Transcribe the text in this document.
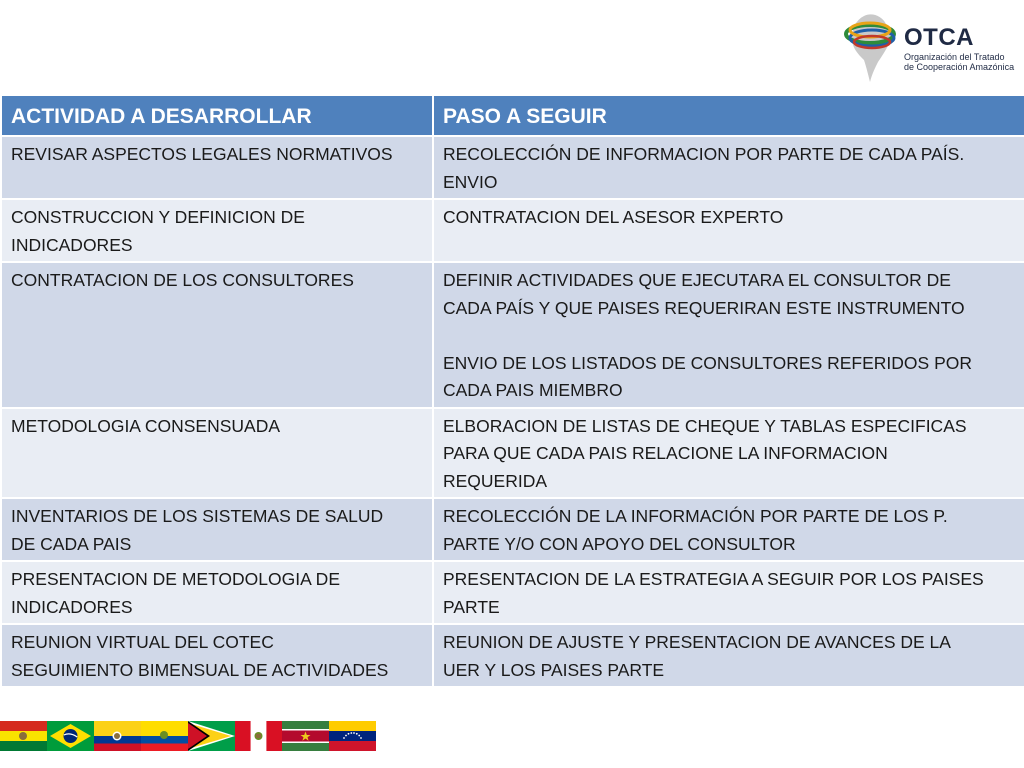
OTCA
Organización del Tratado
de Cooperación Amazónica
ACTIVIDAD A DESARROLLAR	PASO A SEGUIR

REVISAR ASPECTOS LEGALES NORMATIVOS	RECOLECCIÓN DE INFORMACION POR PARTE DE CADA PAÍS.
ENVIO

CONSTRUCCION Y DEFINICION DE
INDICADORES	CONTRATACION DEL ASESOR EXPERTO

CONTRATACION DE LOS CONSULTORES	DEFINIR ACTIVIDADES QUE EJECUTARA EL CONSULTOR DE
CADA PAÍS Y QUE PAISES REQUERIRAN ESTE INSTRUMENTO
ENVIO DE LOS LISTADOS DE CONSULTORES REFERIDOS POR
CADA PAIS MIEMBRO

METODOLOGIA CONSENSUADA	ELBORACION DE LISTAS DE CHEQUE Y TABLAS ESPECIFICAS
PARA QUE CADA PAIS RELACIONE LA INFORMACION
REQUERIDA

INVENTARIOS DE LOS SISTEMAS DE SALUD
DE CADA PAIS	RECOLECCIÓN DE LA INFORMACIÓN POR PARTE DE LOS P.
PARTE Y/O CON APOYO DEL CONSULTOR

PRESENTACION DE METODOLOGIA DE
INDICADORES	PRESENTACION DE LA ESTRATEGIA A SEGUIR POR LOS PAISES
PARTE

REUNION VIRTUAL DEL COTEC
SEGUIMIENTO BIMENSUAL DE ACTIVIDADES	REUNION DE AJUSTE Y PRESENTACION DE AVANCES DE LA
UER Y LOS PAISES PARTE
